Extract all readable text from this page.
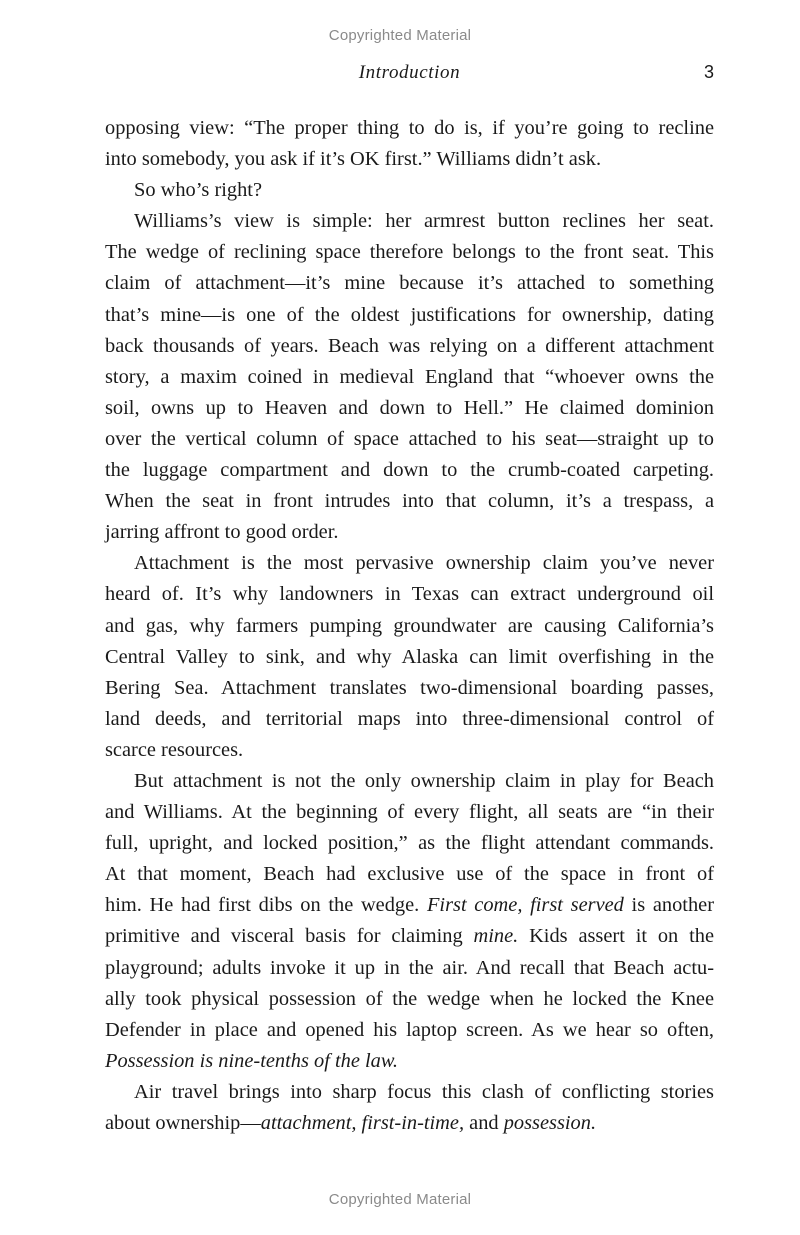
Copyrighted Material
Introduction	3
opposing view: “The proper thing to do is, if you’re going to recline
into somebody, you ask if it’s OK first.” Williams didn’t ask.
So who’s right?
Williams’s view is simple: her armrest button reclines her seat.
The wedge of reclining space therefore belongs to the front seat. This
claim of attachment—it’s mine because it’s attached to something
that’s mine—is one of the oldest justifications for ownership, dating
back thousands of years. Beach was relying on a different attachment
story, a maxim coined in medieval England that “whoever owns the
soil, owns up to Heaven and down to Hell.” He claimed dominion
over the vertical column of space attached to his seat—straight up to
the luggage compartment and down to the crumb-coated carpeting.
When the seat in front intrudes into that column, it’s a trespass, a
jarring affront to good order.
Attachment is the most pervasive ownership claim you’ve never
heard of. It’s why landowners in Texas can extract underground oil
and gas, why farmers pumping groundwater are causing California’s
Central Valley to sink, and why Alaska can limit overfishing in the
Bering Sea. Attachment translates two-dimensional boarding passes,
land deeds, and territorial maps into three-dimensional control of
scarce resources.
But attachment is not the only ownership claim in play for Beach
and Williams. At the beginning of every flight, all seats are “in their
full, upright, and locked position,” as the flight attendant commands.
At that moment, Beach had exclusive use of the space in front of
him. He had first dibs on the wedge. First come, first served is another
primitive and visceral basis for claiming mine. Kids assert it on the
playground; adults invoke it up in the air. And recall that Beach actu-
ally took physical possession of the wedge when he locked the Knee
Defender in place and opened his laptop screen. As we hear so often,
Possession is nine-tenths of the law.
Air travel brings into sharp focus this clash of conflicting stories
about ownership—attachment, first-in-time, and possession.
Copyrighted Material
